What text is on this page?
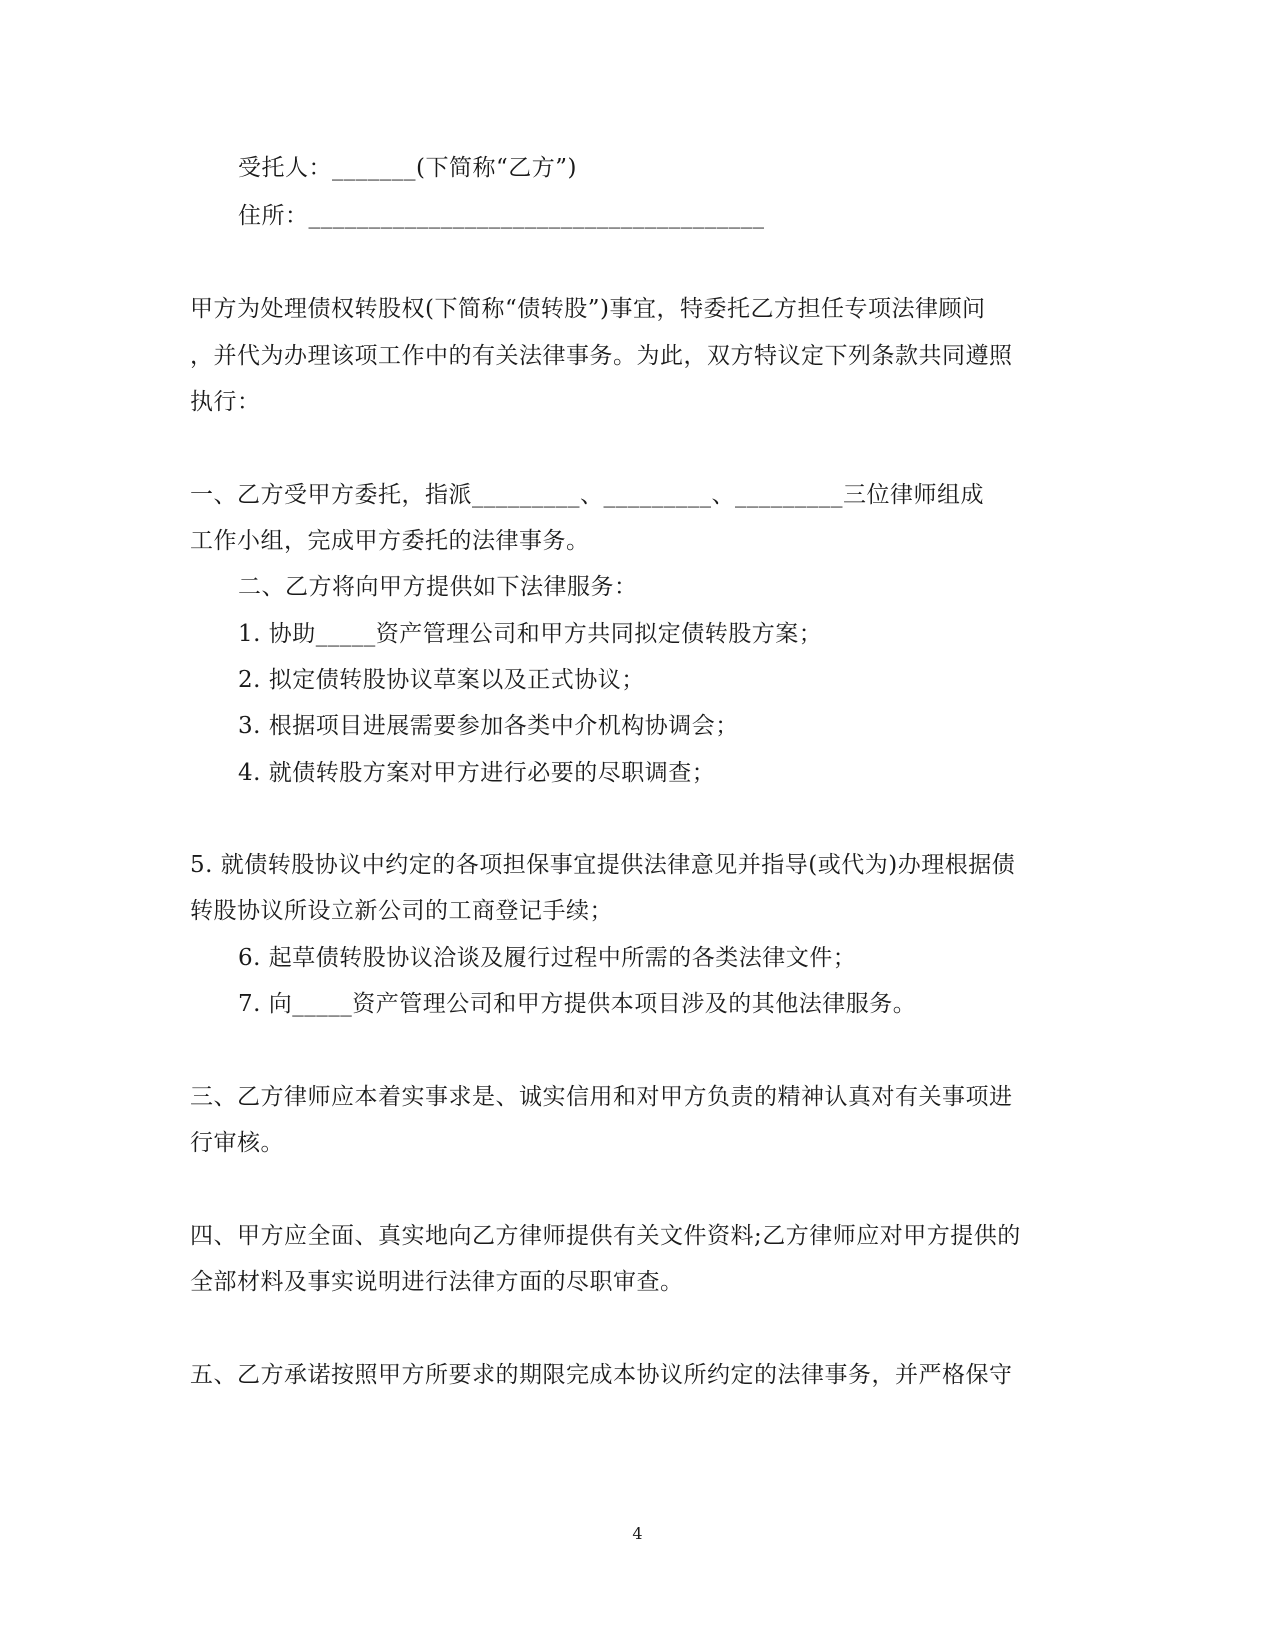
受托人：_______(下简称“乙方”)
住所：______________________________________
甲方为处理债权转股权(下简称“债转股”)事宜，特委托乙方担任专项法律顾问
，并代为办理该项工作中的有关法律事务。为此，双方特议定下列条款共同遵照
执行：
一、乙方受甲方委托，指派_________、_________、_________三位律师组成
工作小组，完成甲方委托的法律事务。
二、乙方将向甲方提供如下法律服务：
1. 协助_____资产管理公司和甲方共同拟定债转股方案；
2. 拟定债转股协议草案以及正式协议；
3. 根据项目进展需要参加各类中介机构协调会；
4. 就债转股方案对甲方进行必要的尽职调查；
5. 就债转股协议中约定的各项担保事宜提供法律意见并指导(或代为)办理根据债
转股协议所设立新公司的工商登记手续；
6. 起草债转股协议洽谈及履行过程中所需的各类法律文件；
7. 向_____资产管理公司和甲方提供本项目涉及的其他法律服务。
三、乙方律师应本着实事求是、诚实信用和对甲方负责的精神认真对有关事项进
行审核。
四、甲方应全面、真实地向乙方律师提供有关文件资料;乙方律师应对甲方提供的
全部材料及事实说明进行法律方面的尽职审查。
五、乙方承诺按照甲方所要求的期限完成本协议所约定的法律事务，并严格保守
4
